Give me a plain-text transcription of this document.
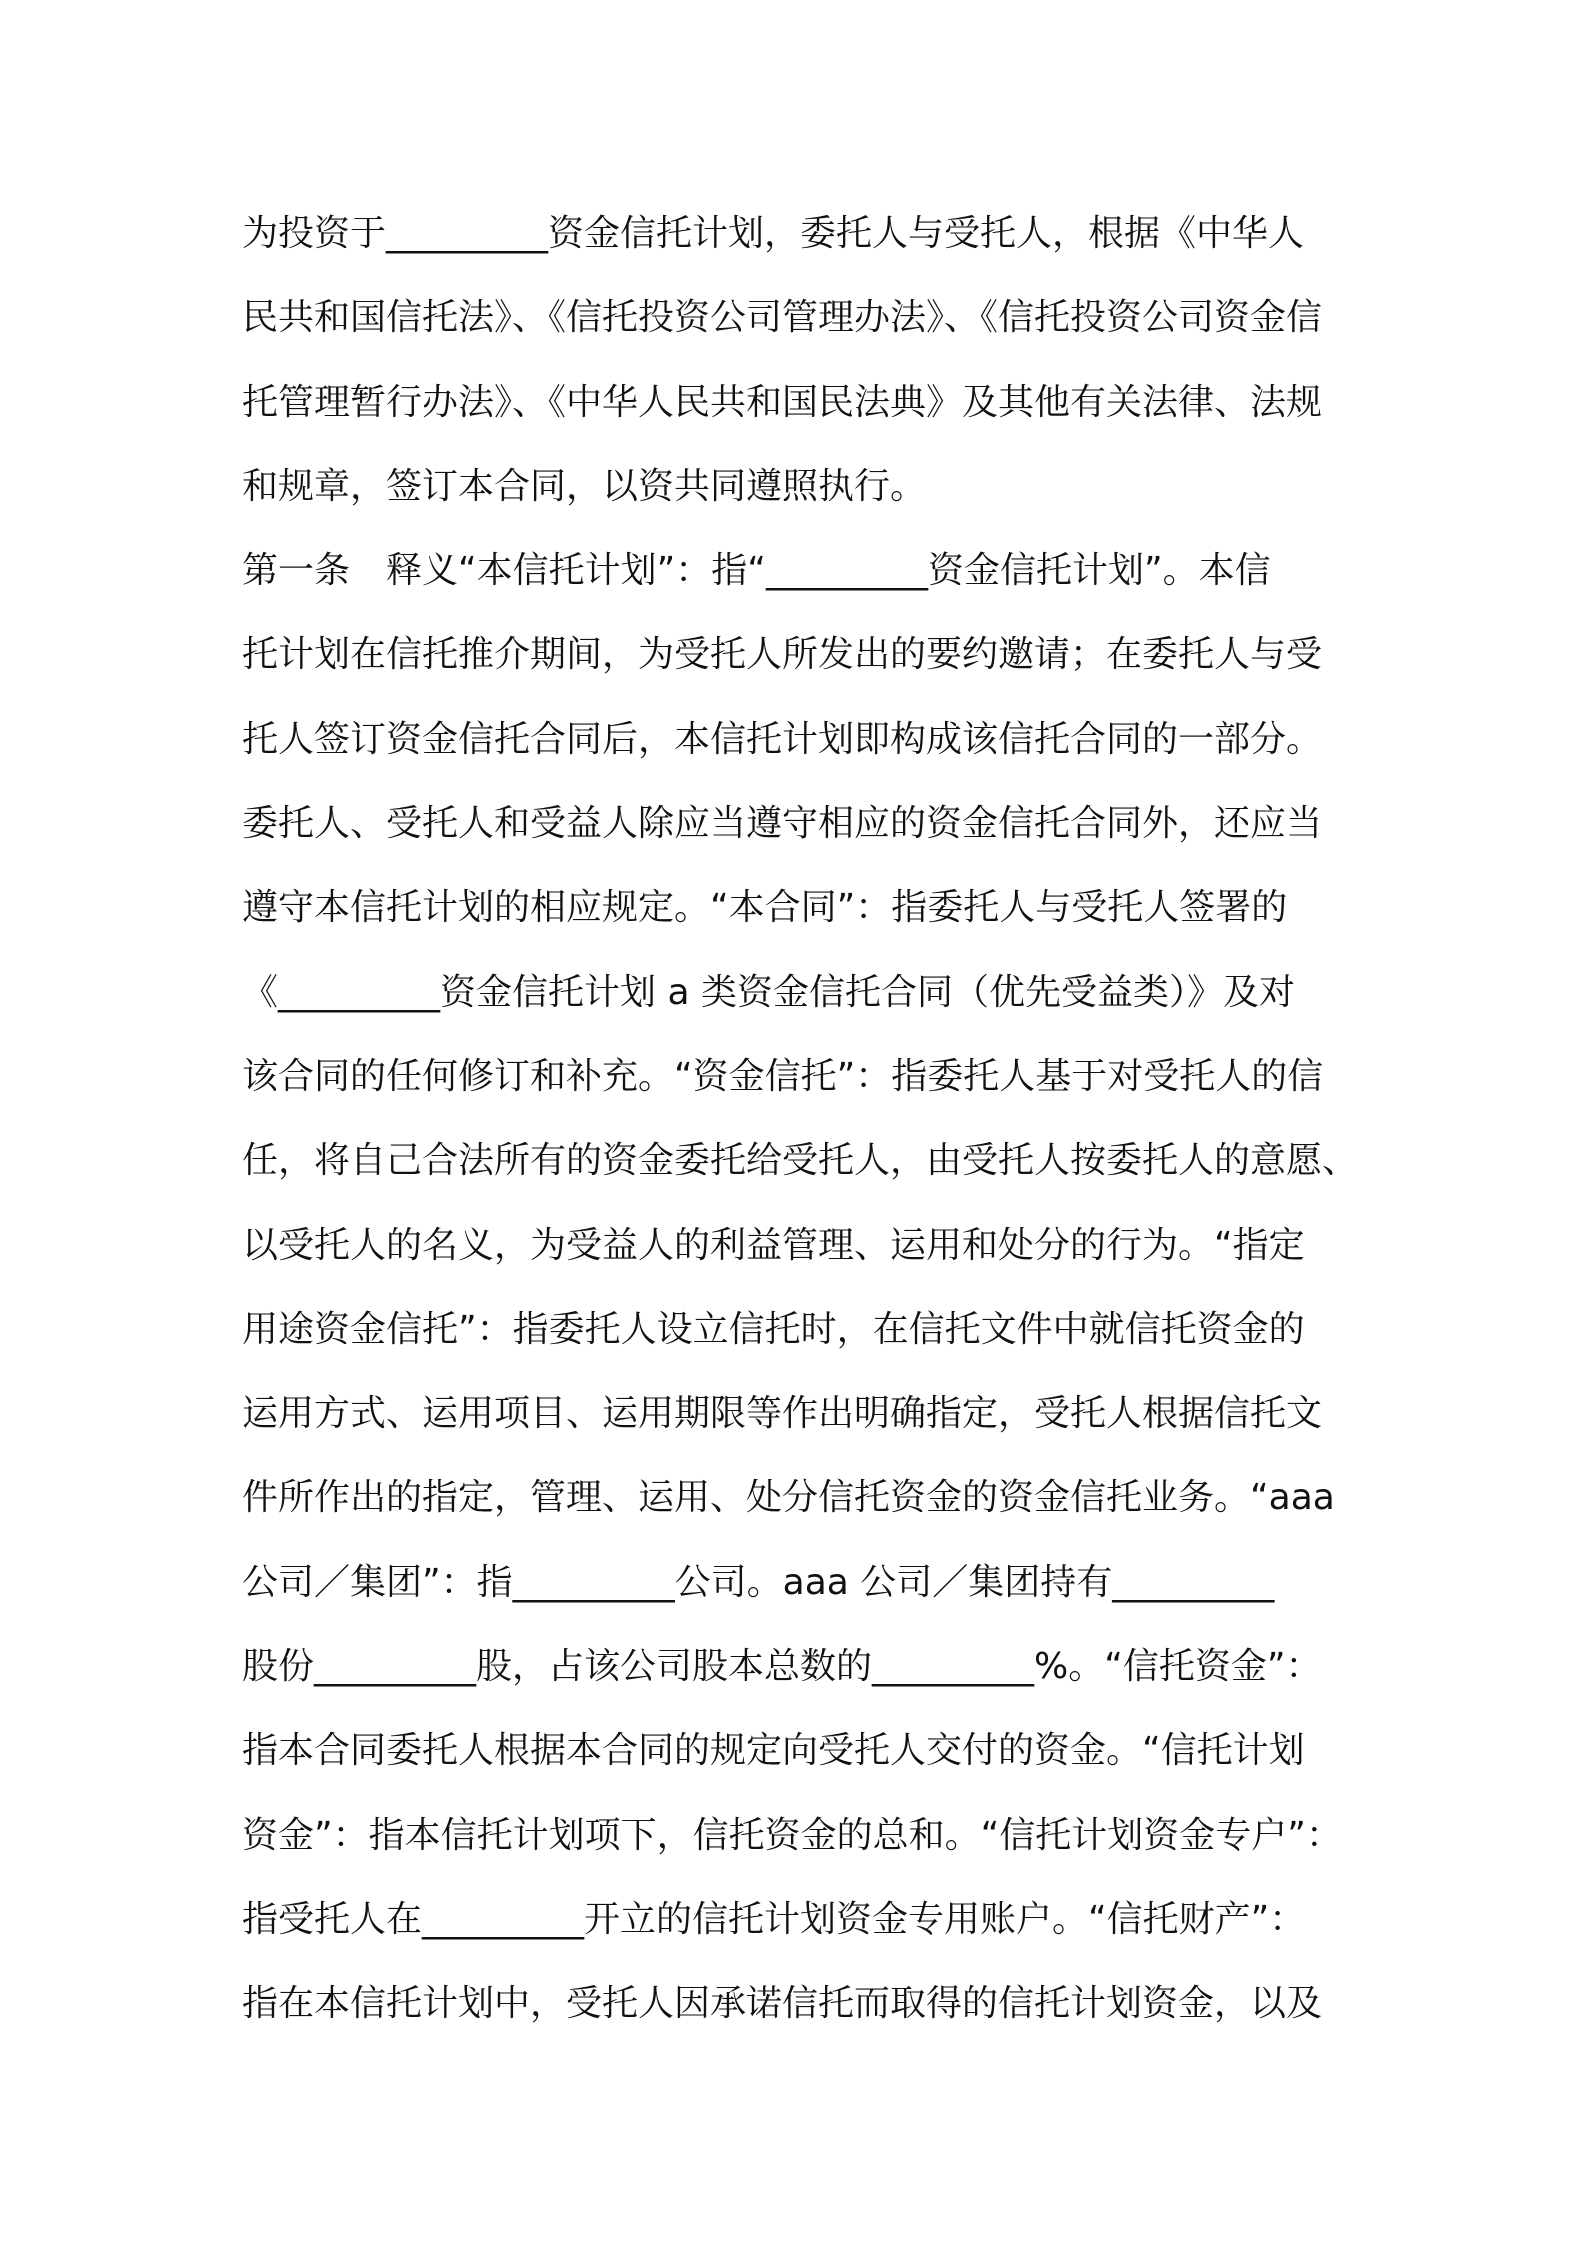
为投资于_________资金信托计划，委托人与受托人，根据《中华人
民共和国信托法》、《信托投资公司管理办法》、《信托投资公司资金信
托管理暂行办法》、《中华人民共和国民法典》及其他有关法律、法规
和规章，签订本合同，以资共同遵照执行。
第一条　释义“本信托计划”：指“_________资金信托计划”。本信
托计划在信托推介期间，为受托人所发出的要约邀请；在委托人与受
托人签订资金信托合同后，本信托计划即构成该信托合同的一部分。
委托人、受托人和受益人除应当遵守相应的资金信托合同外，还应当
遵守本信托计划的相应规定。“本合同”：指委托人与受托人签署的
《_________资金信托计划 a 类资金信托合同（优先受益类）》及对
该合同的任何修订和补充。“资金信托”：指委托人基于对受托人的信
任，将自己合法所有的资金委托给受托人，由受托人按委托人的意愿、
以受托人的名义，为受益人的利益管理、运用和处分的行为。“指定
用途资金信托”：指委托人设立信托时，在信托文件中就信托资金的
运用方式、运用项目、运用期限等作出明确指定，受托人根据信托文
件所作出的指定，管理、运用、处分信托资金的资金信托业务。“aaa
公司／集团”：指_________公司。aaa 公司／集团持有_________
股份_________股，占该公司股本总数的_________%。“信托资金”：
指本合同委托人根据本合同的规定向受托人交付的资金。“信托计划
资金”：指本信托计划项下，信托资金的总和。“信托计划资金专户”：
指受托人在_________开立的信托计划资金专用账户。“信托财产”：
指在本信托计划中，受托人因承诺信托而取得的信托计划资金，以及
